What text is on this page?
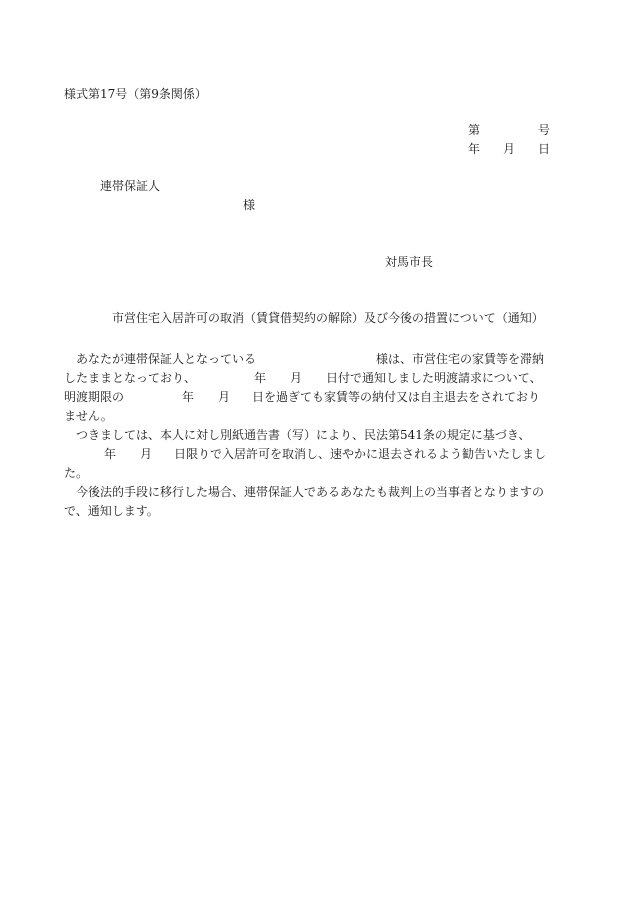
様式第17号（第9条関係）
第	号
年 月 日
連帯保証人
様
対馬市長
市営住宅入居許可の取消（賃貸借契約の解除）及び今後の措置について（通知）

あなたが連帯保証人となっている	様は、市営住宅の家賃等を滞納したままとなっており、	年 月 日付で通知しました明渡請求について、明渡期限の	年 月 日を過ぎても家賃等の納付又は自主退去をされておりません。

つきましては、本人に対し別紙通告書（写）により、民法第541条の規定に基づき、年 月 日限りで入居許可を取消し、速やかに退去されるよう勧告いたしました。

今後法的手段に移行した場合、連帯保証人であるあなたも裁判上の当事者となりますので、通知します。
